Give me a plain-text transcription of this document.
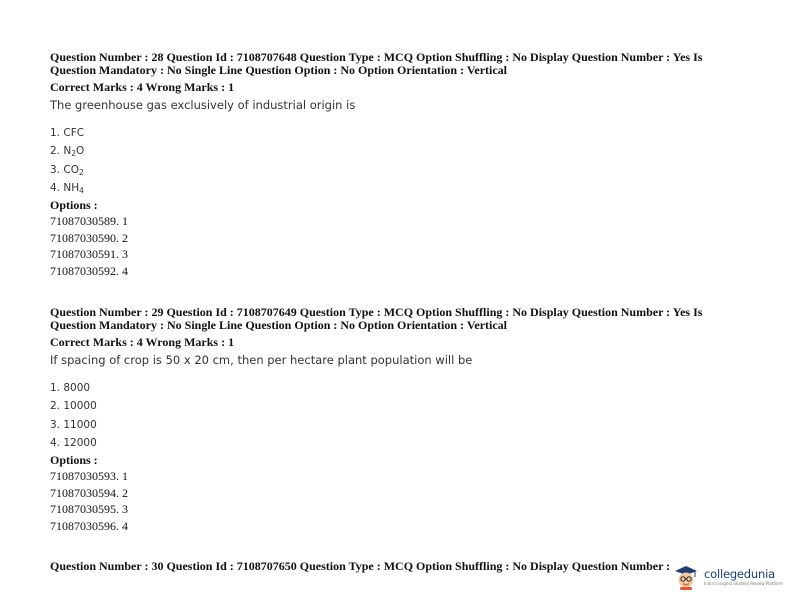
Question Number : 28 Question Id : 7108707648 Question Type : MCQ Option Shuffling : No Display Question Number : Yes Is Question Mandatory : No Single Line Question Option : No Option Orientation : Vertical
Correct Marks : 4 Wrong Marks : 1
The greenhouse gas exclusively of industrial origin is
1. CFC
2. $N_2O$
3. $CO_2$
4. $NH_4$
Options :
71087030589. 1
71087030590. 2
71087030591. 3
71087030592. 4
Question Number : 29 Question Id : 7108707649 Question Type : MCQ Option Shuffling : No Display Question Number : Yes Is Question Mandatory : No Single Line Question Option : No Option Orientation : Vertical
Correct Marks : 4 Wrong Marks : 1
If spacing of crop is 50 x 20 cm, then per hectare plant population will be
1. 8000
2. 10000
3. 11000
4. 12000
Options :
71087030593. 1
71087030594. 2
71087030595. 3
71087030596. 4
Question Number : 30 Question Id : 7108707650 Question Type : MCQ Option Shuffling : No Display Question Number :
collegedunia
India's largest Student Review Platform
